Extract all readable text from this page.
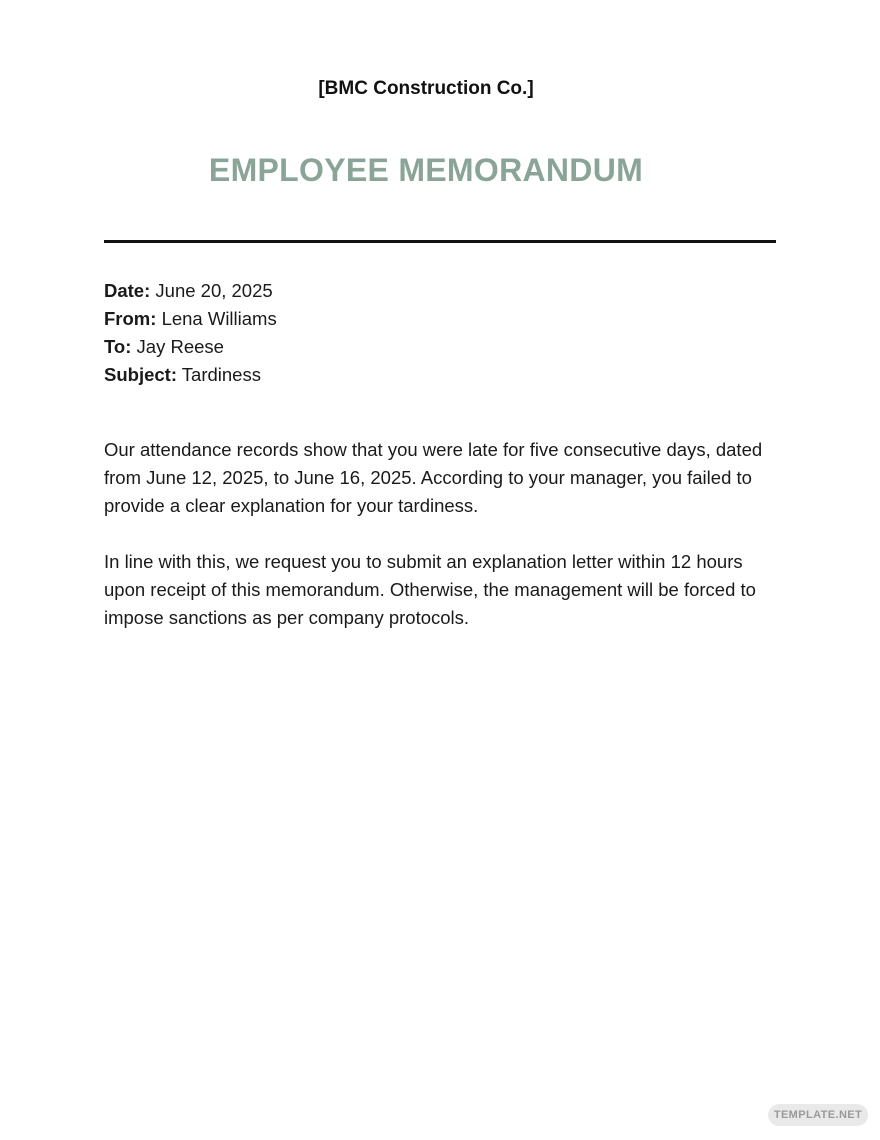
[BMC Construction Co.]
EMPLOYEE MEMORANDUM
Date: June 20, 2025
From: Lena Williams
To: Jay Reese
Subject: Tardiness

Our attendance records show that you were late for five consecutive days, dated from June 12, 2025, to June 16, 2025. According to your manager, you failed to provide a clear explanation for your tardiness.

In line with this, we request you to submit an explanation letter within 12 hours upon receipt of this memorandum. Otherwise, the management will be forced to impose sanctions as per company protocols.

TEMPLATE.NET
